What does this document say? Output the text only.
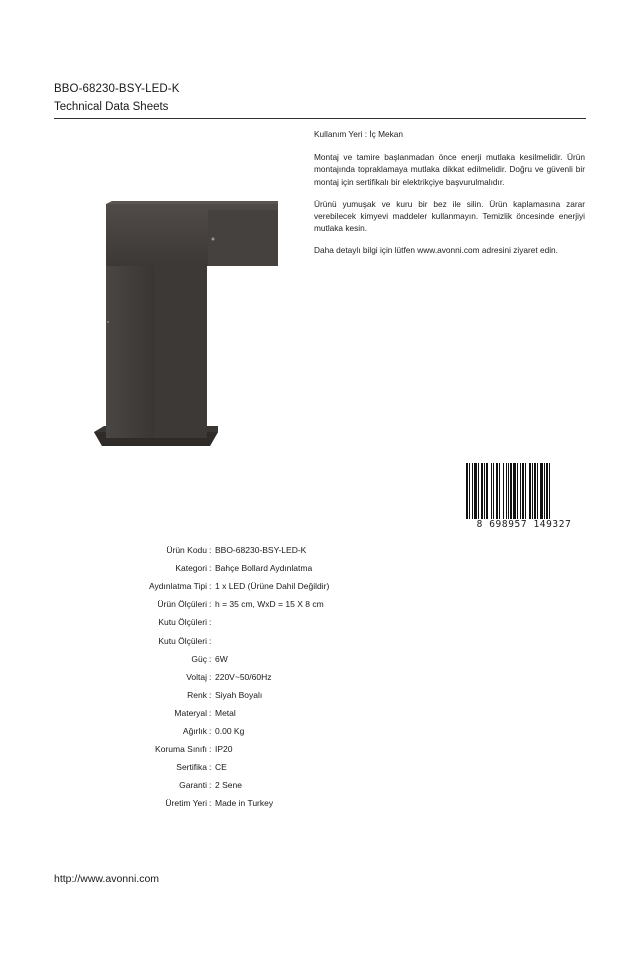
BBO-68230-BSY-LED-K
Technical Data Sheets

Kullanım Yeri : İç Mekan

Montaj ve tamire başlanmadan önce enerji mutlaka kesilmelidir. Ürün montajında topraklamaya mutlaka dikkat edilmelidir. Doğru ve güvenli bir montaj için sertifikalı bir elektrikçiye başvurulmalıdır.

Ürünü yumuşak ve kuru bir bez ile silin. Ürün kaplamasına zarar verebilecek kimyevi maddeler kullanmayın. Temizlik öncesinde enerjiyi mutlaka kesin.

Daha detaylı bilgi için lütfen www.avonni.com adresini ziyaret edin.

8 698957 149327
Ürün Kodu : BBO-68230-BSY-LED-K
Kategori : Bahçe Bollard Aydınlatma
Aydınlatma Tipi : 1 x LED (Ürüne Dahil Değildir)
Ürün Ölçüleri : h = 35 cm, WxD = 15 X 8 cm
Kutu Ölçüleri :
Kutu Ölçüleri :
Güç : 6W
Voltaj : 220V~50/60Hz
Renk : Siyah Boyalı
Materyal : Metal
Ağırlık : 0.00 Kg
Koruma Sınıfı : IP20
Sertifika : CE
Garanti : 2 Sene
Üretim Yeri : Made in Turkey
http://www.avonni.com
